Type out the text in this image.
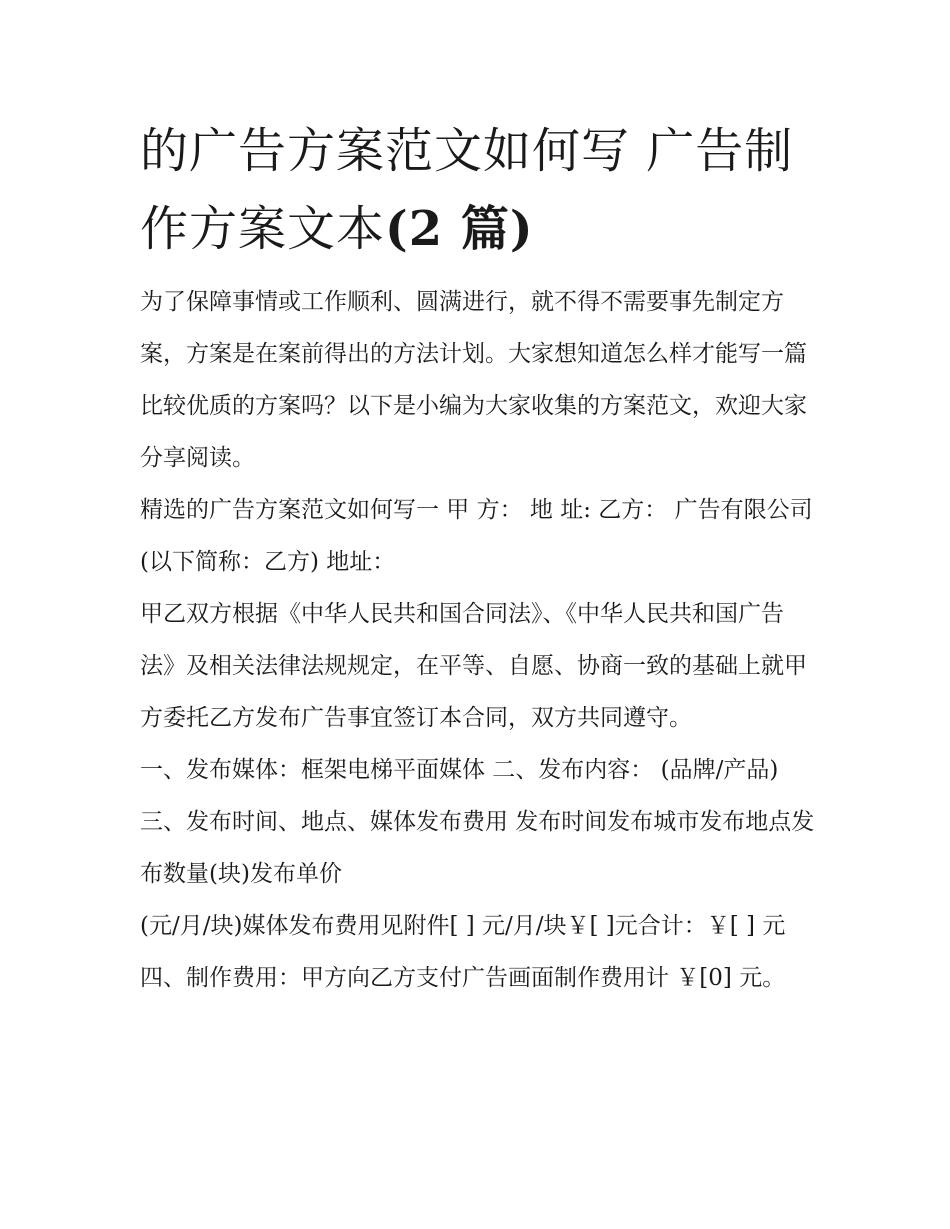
的广告方案范文如何写 广告制作方案文本(2 篇)

为了保障事情或工作顺利、圆满进行，就不得不需要事先制定方案，方案是在案前得出的方法计划。大家想知道怎么样才能写一篇比较优质的方案吗？以下是小编为大家收集的方案范文，欢迎大家分享阅读。

精选的广告方案范文如何写一 甲 方： 地 址: 乙方： 广告有限公司(以下简称：乙方) 地址：

甲乙双方根据《中华人民共和国合同法》、《中华人民共和国广告法》及相关法律法规规定，在平等、自愿、协商一致的基础上就甲方委托乙方发布广告事宜签订本合同，双方共同遵守。

一、发布媒体：框架电梯平面媒体 二、发布内容： (品牌/产品) 三、发布时间、地点、媒体发布费用 发布时间发布城市发布地点发布数量(块)发布单价

(元/月/块)媒体发布费用见附件[ ] 元/月/块￥[ ]元合计：￥[ ] 元 四、制作费用：甲方向乙方支付广告画面制作费用计 ￥[0] 元。
